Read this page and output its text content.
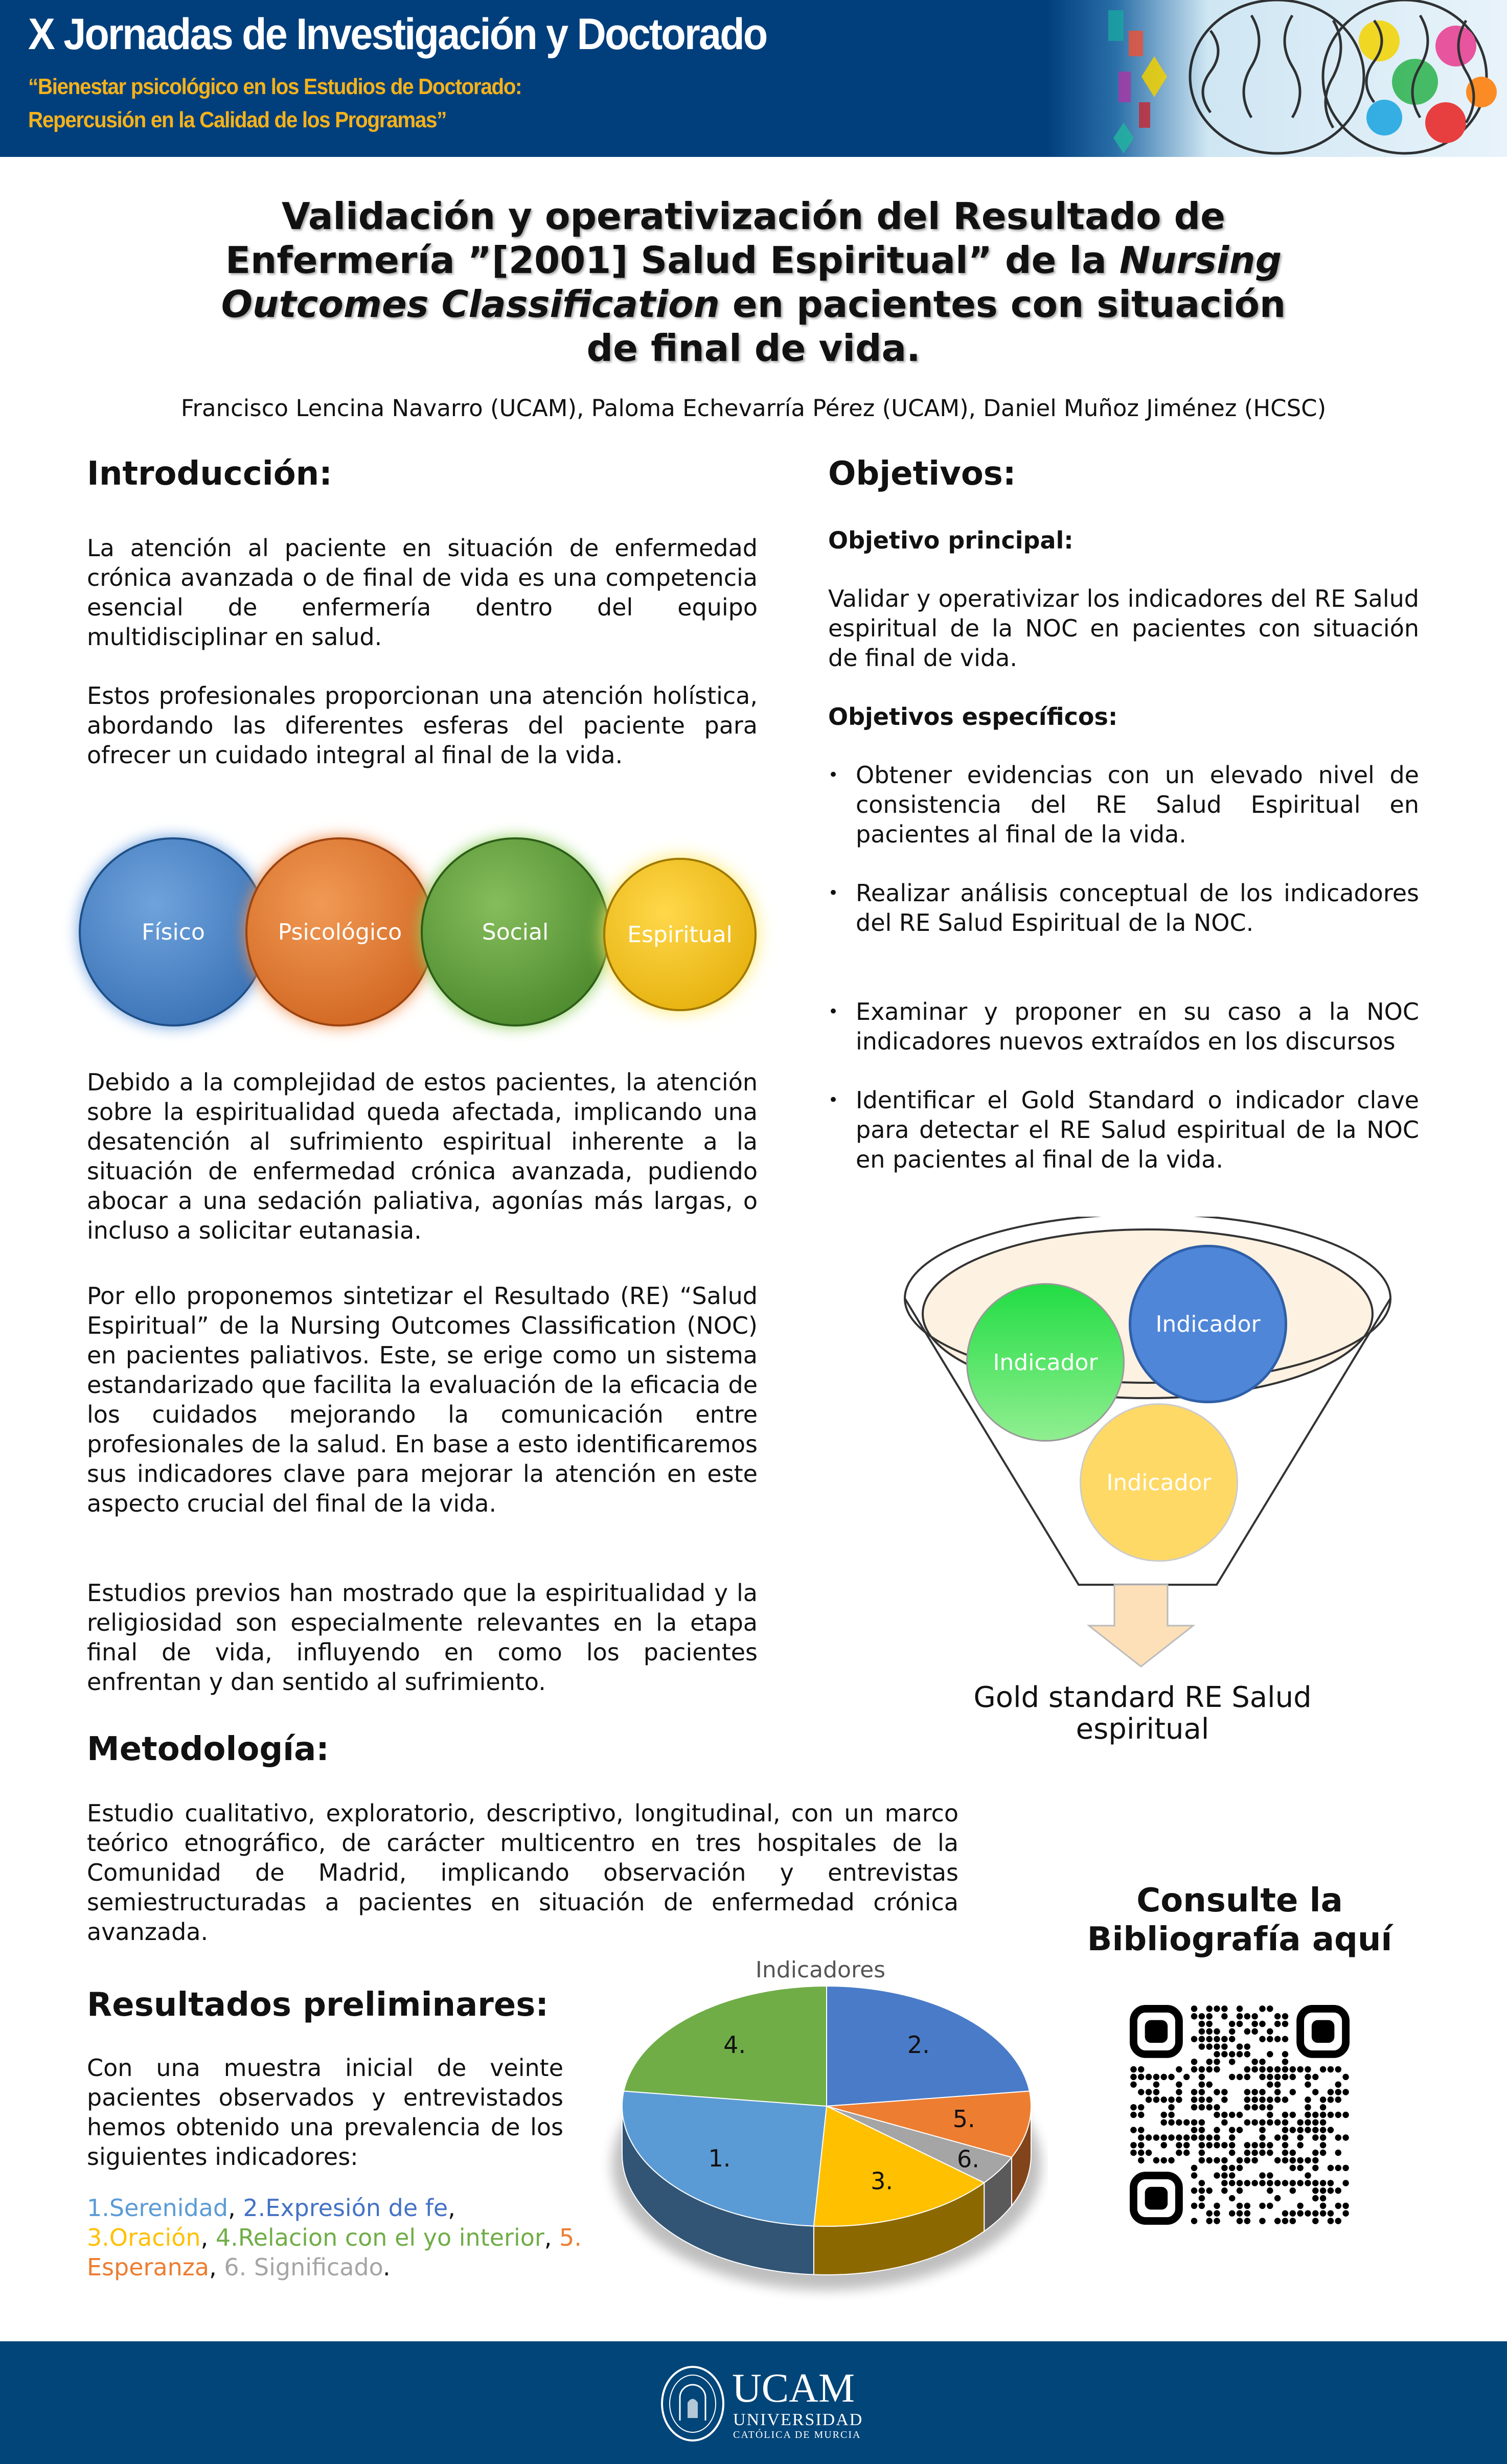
X Jornadas de Investigación y Doctorado
“Bienestar psicológico en los Estudios de Doctorado:
Repercusión en la Calidad de los Programas”
Validación y operativización del Resultado de Enfermería ”[2001] Salud Espiritual” de la Nursing Outcomes Classification en pacientes con situación de final de vida.
Francisco Lencina Navarro (UCAM), Paloma Echevarría Pérez (UCAM), Daniel Muñoz Jiménez (HCSC)
Introducción:
La atención al paciente en situación de enfermedad crónica avanzada o de final de vida es una competencia esencial de enfermería dentro del equipo multidisciplinar en salud.
Estos profesionales proporcionan una atención holística, abordando las diferentes esferas del paciente para ofrecer un cuidado integral al final de la vida.
Físico	Psicológico	Social	Espiritual
Debido a la complejidad de estos pacientes, la atención sobre la espiritualidad queda afectada, implicando una desatención al sufrimiento espiritual inherente a la situación de enfermedad crónica avanzada, pudiendo abocar a una sedación paliativa, agonías más largas, o incluso a solicitar eutanasia.
Por ello proponemos sintetizar el Resultado (RE) “Salud Espiritual” de la Nursing Outcomes Classification (NOC) en pacientes paliativos. Este, se erige como un sistema estandarizado que facilita la evaluación de la eficacia de los cuidados mejorando la comunicación entre profesionales de la salud. En base a esto identificaremos sus indicadores clave para mejorar la atención en este aspecto crucial del final de la vida.
Estudios previos han mostrado que la espiritualidad y la religiosidad son especialmente relevantes en la etapa final de vida, influyendo en como los pacientes enfrentan y dan sentido al sufrimiento.
Objetivos:
Objetivo principal:
Validar y operativizar los indicadores del RE Salud espiritual de la NOC en pacientes con situación de final de vida.
Objetivos específicos:
• Obtener evidencias con un elevado nivel de consistencia del RE Salud Espiritual en pacientes al final de la vida.
• Realizar análisis conceptual de los indicadores del RE Salud Espiritual de la NOC.
• Examinar y proponer en su caso a la NOC indicadores nuevos extraídos en los discursos
• Identificar el Gold Standard o indicador clave para detectar el RE Salud espiritual de la NOC en pacientes al final de la vida.
Indicador
Indicador
Indicador
Gold standard RE Salud espiritual
Metodología:
Estudio cualitativo, exploratorio, descriptivo, longitudinal, con un marco teórico etnográfico, de carácter multicentro en tres hospitales de la Comunidad de Madrid, implicando observación y entrevistas semiestructuradas a pacientes en situación de enfermedad crónica avanzada.
Resultados preliminares:
Con una muestra inicial de veinte pacientes observados y entrevistados hemos obtenido una prevalencia de los siguientes indicadores:
1.Serenidad, 2.Expresión de fe,
3.Oración, 4.Relacion con el yo interior, 5. Esperanza, 6. Significado.
Indicadores
2.
5.
6.
3.
1.
4.
Consulte la
Bibliografía aquí
UCAM
UNIVERSIDAD
CATÓLICA DE MURCIA
